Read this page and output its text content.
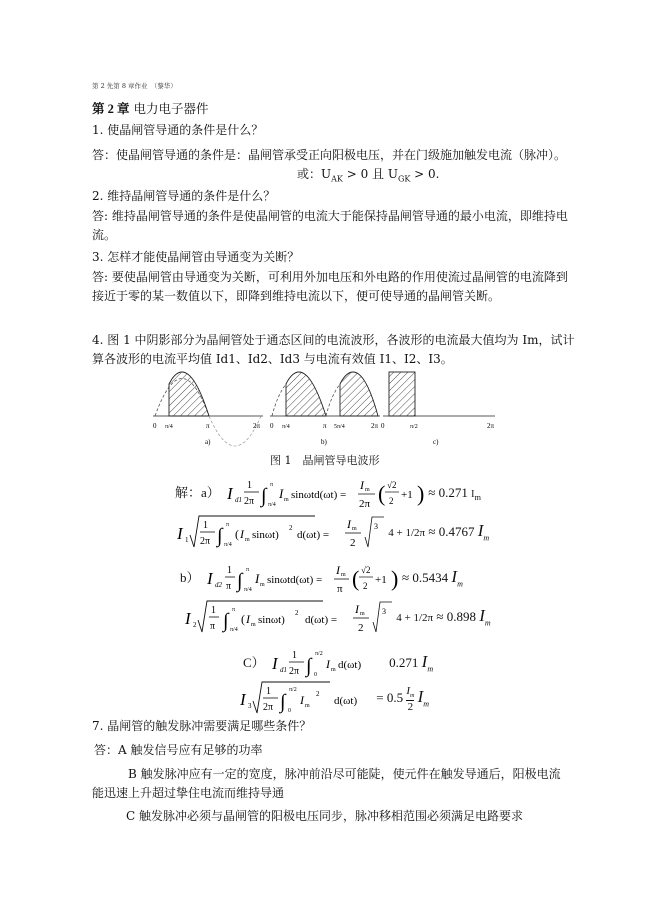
第 2 先第 8 章作业　（黎华）
第 2 章 电力电子器件
1. 使晶闸管导通的条件是什么？
答：使晶闸管导通的条件是：晶闸管承受正向阳极电压，并在门级施加触发电流（脉冲）。
或：$U_{AK} > 0$ 且 $U_{GK} > 0$.
2. 维持晶闸管导通的条件是什么？
答: 维持晶闸管导通的条件是使晶闸管的电流大于能保持晶闸管导通的最小电流，即维持电流。
3. 怎样才能使晶闸管由导通变为关断？
答: 要使晶闸管由导通变为关断，可利用外加电压和外电路的作用使流过晶闸管的电流降到接近于零的某一数值以下，即降到维持电流以下，便可使导通的晶闸管关断。
4. 图 1 中阴影部分为晶闸管处于通态区间的电流波形，各波形的电流最大值均为 Im，试计
算各波形的电流平均值 Id1、Id2、Id3 与电流有效值 I1、I2、I3。
0 π/4	π	2π
a)
0 π/4	π 5π/4	2π
b)
0	π/2	2π
c)
图 1　晶闸管导电波形
解：a） I d1
1
2π ∫ π
π/4
I m sinωtd(ωt) =
I m
2π ( √2
2 +1 ) ≈ 0.271 $I_m$
I 1
1
2π ∫ π
π/4
( I m sinωt)
2
d(ωt) =
I m
2
3
4 + 1/2π ≈ 0.4767 $I_m$
b） I d2
1
π ∫ π
π/4
I m sinωtd(ωt) =
I m
π ( √2
2 +1 ) ≈ 0.5434 $I_m$
I 2
1
π ∫ π
π/4
( I m sinωt)
2
d(ωt) =
I m
2
3
4 + 1/2π ≈ 0.898 $I_m$
C） I d1
1
2π ∫
π/2
0
I m d(ωt) 0.271 $I_m$
I 3
1
2π ∫
π/2
0
I m
2
$d(\omega t) = 0.5 \frac{I_m}{2} I_m$
7. 晶闸管的触发脉冲需要满足哪些条件？
答：A 触发信号应有足够的功率
B 触发脉冲应有一定的宽度，脉冲前沿尽可能陡，使元件在触发导通后，阳极电流能迅速上升超过挚住电流而维持导通
C 触发脉冲必须与晶闸管的阳极电压同步，脉冲移相范围必须满足电路要求
